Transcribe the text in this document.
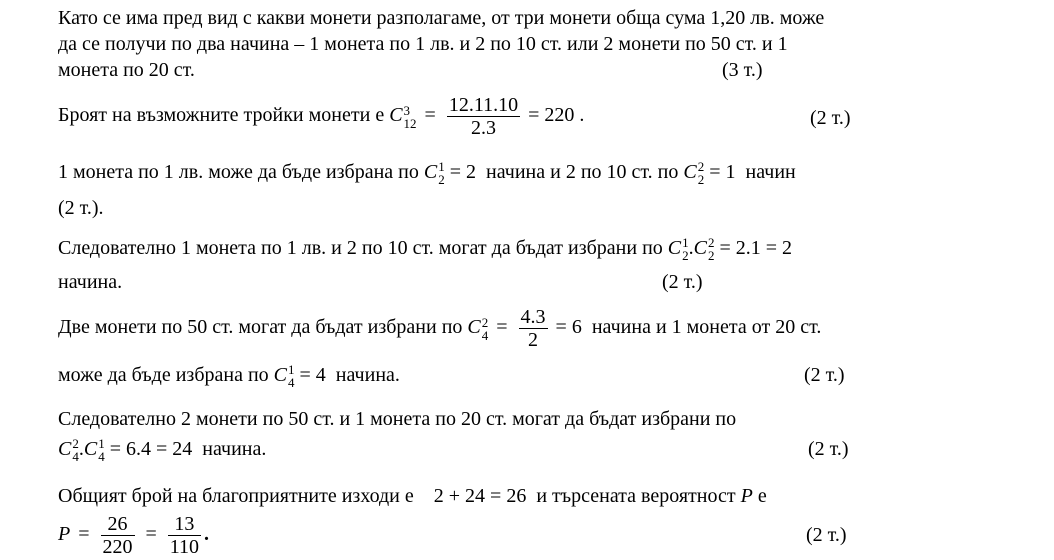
Като се има пред вид с какви монети разполагаме, от три монети обща сума 1,20 лв. може
да се получи по два начина – 1 монета по 1 лв. и 2 по 10 ст. или 2 монети по 50 ст. и 1
монета по 20 ст.	(3 т.)
Броят на възможните тройки монети е C 3
$12 = \frac{12.11.10}{2.3} = 220$ .	(2 т.)
1 монета по 1 лв. може да бъде избрана по C 1
2 = 2 начина и 2 по 10 ст. по C 2
2 = 1 начин
(2 т.).
Следователно 1 монета по 1 лв. и 2 по 10 ст. могат да бъдат избрани по C 1
2 .C 2
2 = 2.1 = 2
начина.	(2 т.)
Две монети по 50 ст. могат да бъдат избрани по C 2
$4 = \frac{4.3}{2} = 6$ начина и 1 монета от 20 ст.
може да бъде избрана по C 1
4 = 4 начина.	(2 т.)
Следователно 2 монети по 50 ст. и 1 монета по 20 ст. могат да бъдат избрани по
C 2
4 .C 1
4 = 6.4 = 24 начина.	(2 т.)
Общият брой на благоприятните изходи е 2 + 24 = 26 и търсената вероятност P е
$P = \frac{26}{220} = \frac{13}{110}$ .	(2 т.)
